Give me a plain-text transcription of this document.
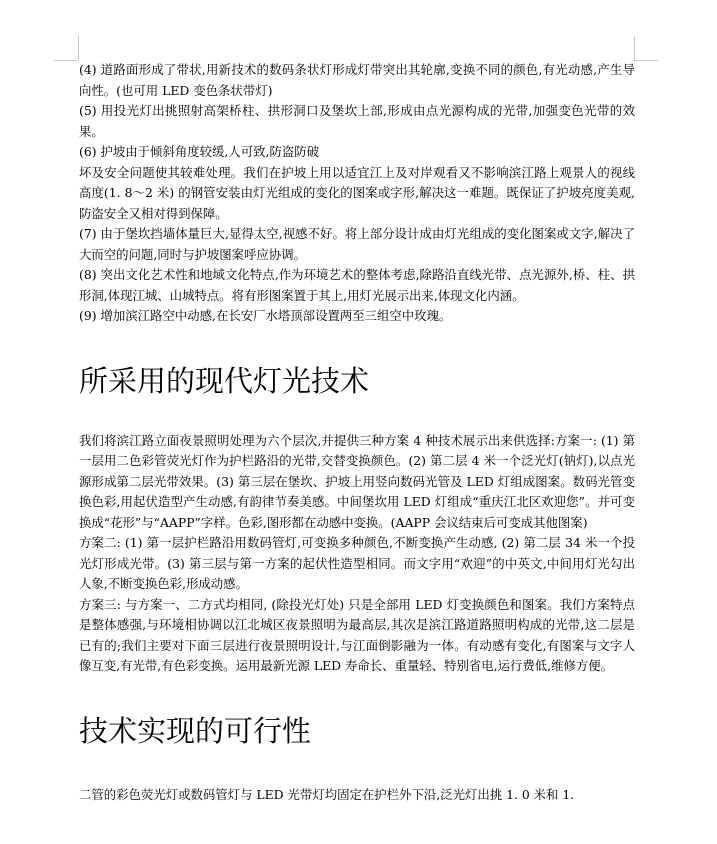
(4) 道路面形成了带状,用新技术的数码条状灯形成灯带突出其轮廓,变换不同的颜色,有光动感,产生导向性。(也可用 LED 变色条状带灯)

(5) 用投光灯出挑照射高架桥柱、拱形洞口及堡坎上部,形成由点光源构成的光带,加强变色光带的效果。

(6) 护坡由于倾斜角度较缓,人可致,防盗防破

坏及安全问题使其较难处理。我们在护坡上用以适宜江上及对岸观看又不影响滨江路上观景人的视线高度(1. 8～2 米) 的钢管安装由灯光组成的变化的图案或字形,解决这一难题。既保证了护坡亮度美观,防盗安全又相对得到保障。

(7) 由于堡坎挡墙体量巨大,显得太空,视感不好。将上部分设计成由灯光组成的变化图案或文字,解决了大而空的问题,同时与护坡图案呼应协调。

(8) 突出文化艺术性和地域文化特点,作为环境艺术的整体考虑,除路沿直线光带、点光源外,桥、柱、拱形洞,体现江城、山城特点。将有形图案置于其上,用灯光展示出来,体现文化内涵。

(9) 增加滨江路空中动感,在长安厂水塔顶部设置两至三组空中玫瑰。

所采用的现代灯光技术

我们将滨江路立面夜景照明处理为六个层次,并提供三种方案 4 种技术展示出来供选择:方案一: (1) 第一层用二色彩管荧光灯作为护栏路沿的光带,交替变换颜色。(2) 第二层 4 米一个泛光灯(钠灯),以点光源形成第二层光带效果。(3) 第三层在堡坎、护坡上用竖向数码光管及 LED 灯组成图案。数码光管变换色彩,用起伏造型产生动感,有韵律节奏美感。中间堡坎用 LED 灯组成“重庆江北区欢迎您”。并可变换成“花形”与“AAPP”字样。色彩,图形都在动感中变换。(AAPP 会议结束后可变成其他图案)

方案二: (1) 第一层护栏路沿用数码管灯,可变换多种颜色,不断变换产生动感, (2) 第二层 34 米一个投光灯形成光带。(3) 第三层与第一方案的起伏性造型相同。而文字用“欢迎”的中英文,中间用灯光勾出人象,不断变换色彩,形成动感。

方案三: 与方案一、二方式均相同, (除投光灯处) 只是全部用 LED 灯变换颜色和图案。我们方案特点是整体感强,与环境相协调以江北城区夜景照明为最高层,其次是滨江路道路照明构成的光带,这二层是已有的;我们主要对下面三层进行夜景照明设计,与江面倒影融为一体。有动感有变化,有图案与文字人像互变,有光带,有色彩变换。运用最新光源 LED 寿命长、重量轻、特别省电,运行费低,维修方便。

技术实现的可行性

二管的彩色荧光灯或数码管灯与 LED 光带灯均固定在护栏外下沿,泛光灯出挑 1. 0 米和 1.
